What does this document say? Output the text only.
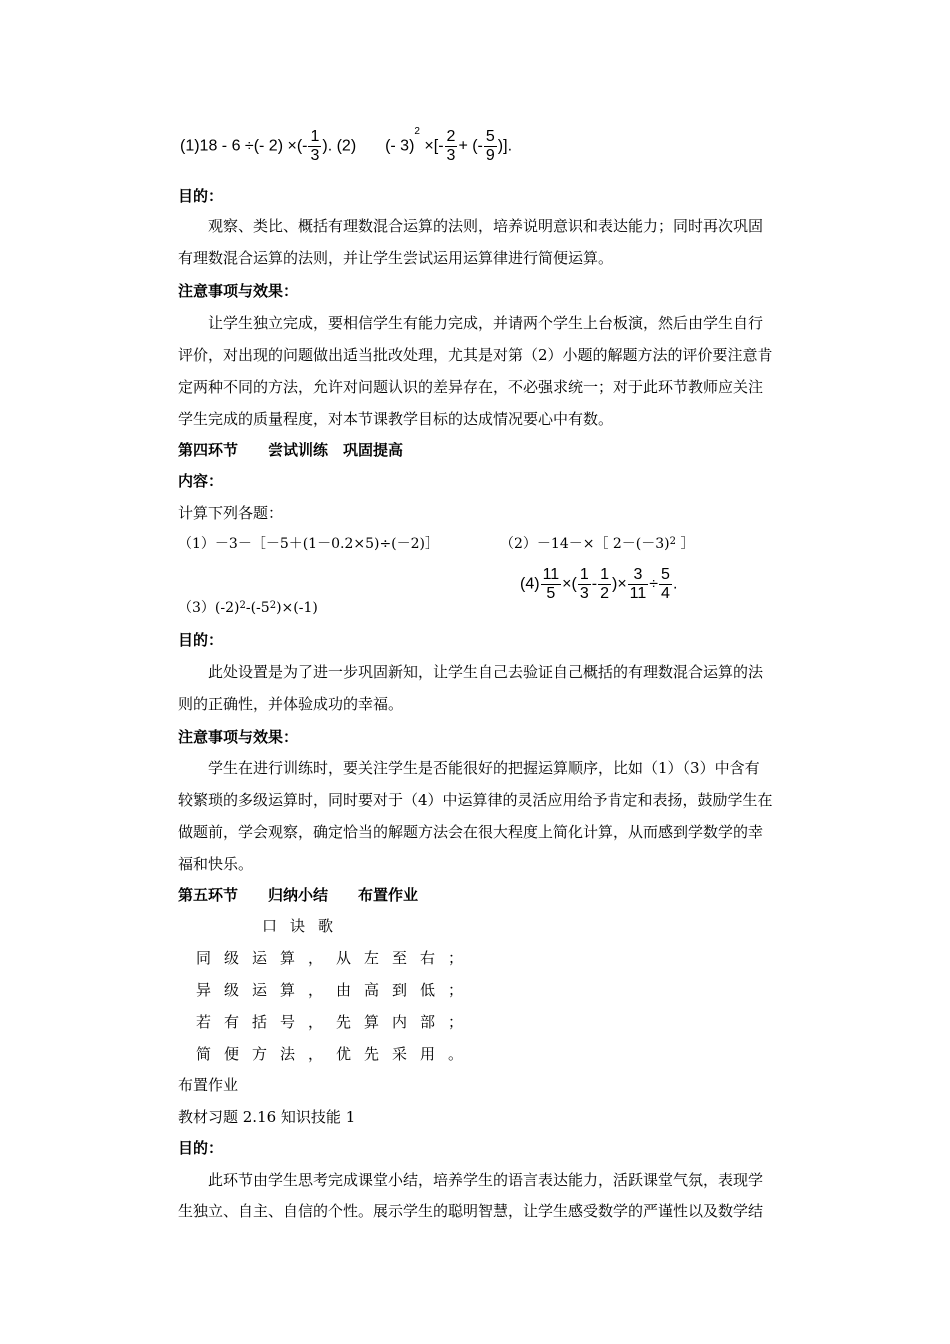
(1)18 - 6 ÷(- 2) ×(- $\frac{1}{3}$ ). (2) (- 3)$^2$ ×[- $\frac{2}{3}$ + (- $\frac{5}{9}$ )].
目的：
观察、类比、概括有理数混合运算的法则，培养说明意识和表达能力；同时再次巩固
有理数混合运算的法则，并让学生尝试运用运算律进行简便运算。
注意事项与效果：
让学生独立完成，要相信学生有能力完成，并请两个学生上台板演，然后由学生自行
评价，对出现的问题做出适当批改处理，尤其是对第（2）小题的解题方法的评价要注意肯
定两种不同的方法，允许对问题认识的差异存在，不必强求统一；对于此环节教师应关注
学生完成的质量程度，对本节课教学目标的达成情况要心中有数。
第四环节　　尝试训练　巩固提高
内容：
计算下列各题：
（1）－3－［－5＋(1－0.2×5)÷(－2)］	（2）－14－×［ $2-(-3)^2$ ］
$(4) \frac{11}{5}$ ×( $\frac{1}{3} - \frac{1}{2}$ )× $\frac{3}{11} \div \frac{5}{4}$ .
$(3)(-2)^2-(-5^2)\times(-1)$
目的：
此处设置是为了进一步巩固新知，让学生自己去验证自己概括的有理数混合运算的法
则的正确性，并体验成功的幸福。
注意事项与效果：
学生在进行训练时，要关注学生是否能很好的把握运算顺序，比如（1）（3）中含有
较繁琐的多级运算时，同时要对于（4）中运算律的灵活应用给予肯定和表扬，鼓励学生在
做题前，学会观察，确定恰当的解题方法会在很大程度上简化计算，从而感到学数学的幸
福和快乐。
第五环节　　归纳小结　　布置作业
口诀歌
同级运算，从左至右；
异级运算，由高到低；
若有括号，先算内部；
简便方法，优先采用。
布置作业
教材习题 2.16 知识技能 1
目的：
此环节由学生思考完成课堂小结，培养学生的语言表达能力，活跃课堂气氛，表现学
生独立、自主、自信的个性。展示学生的聪明智慧，让学生感受数学的严谨性以及数学结
